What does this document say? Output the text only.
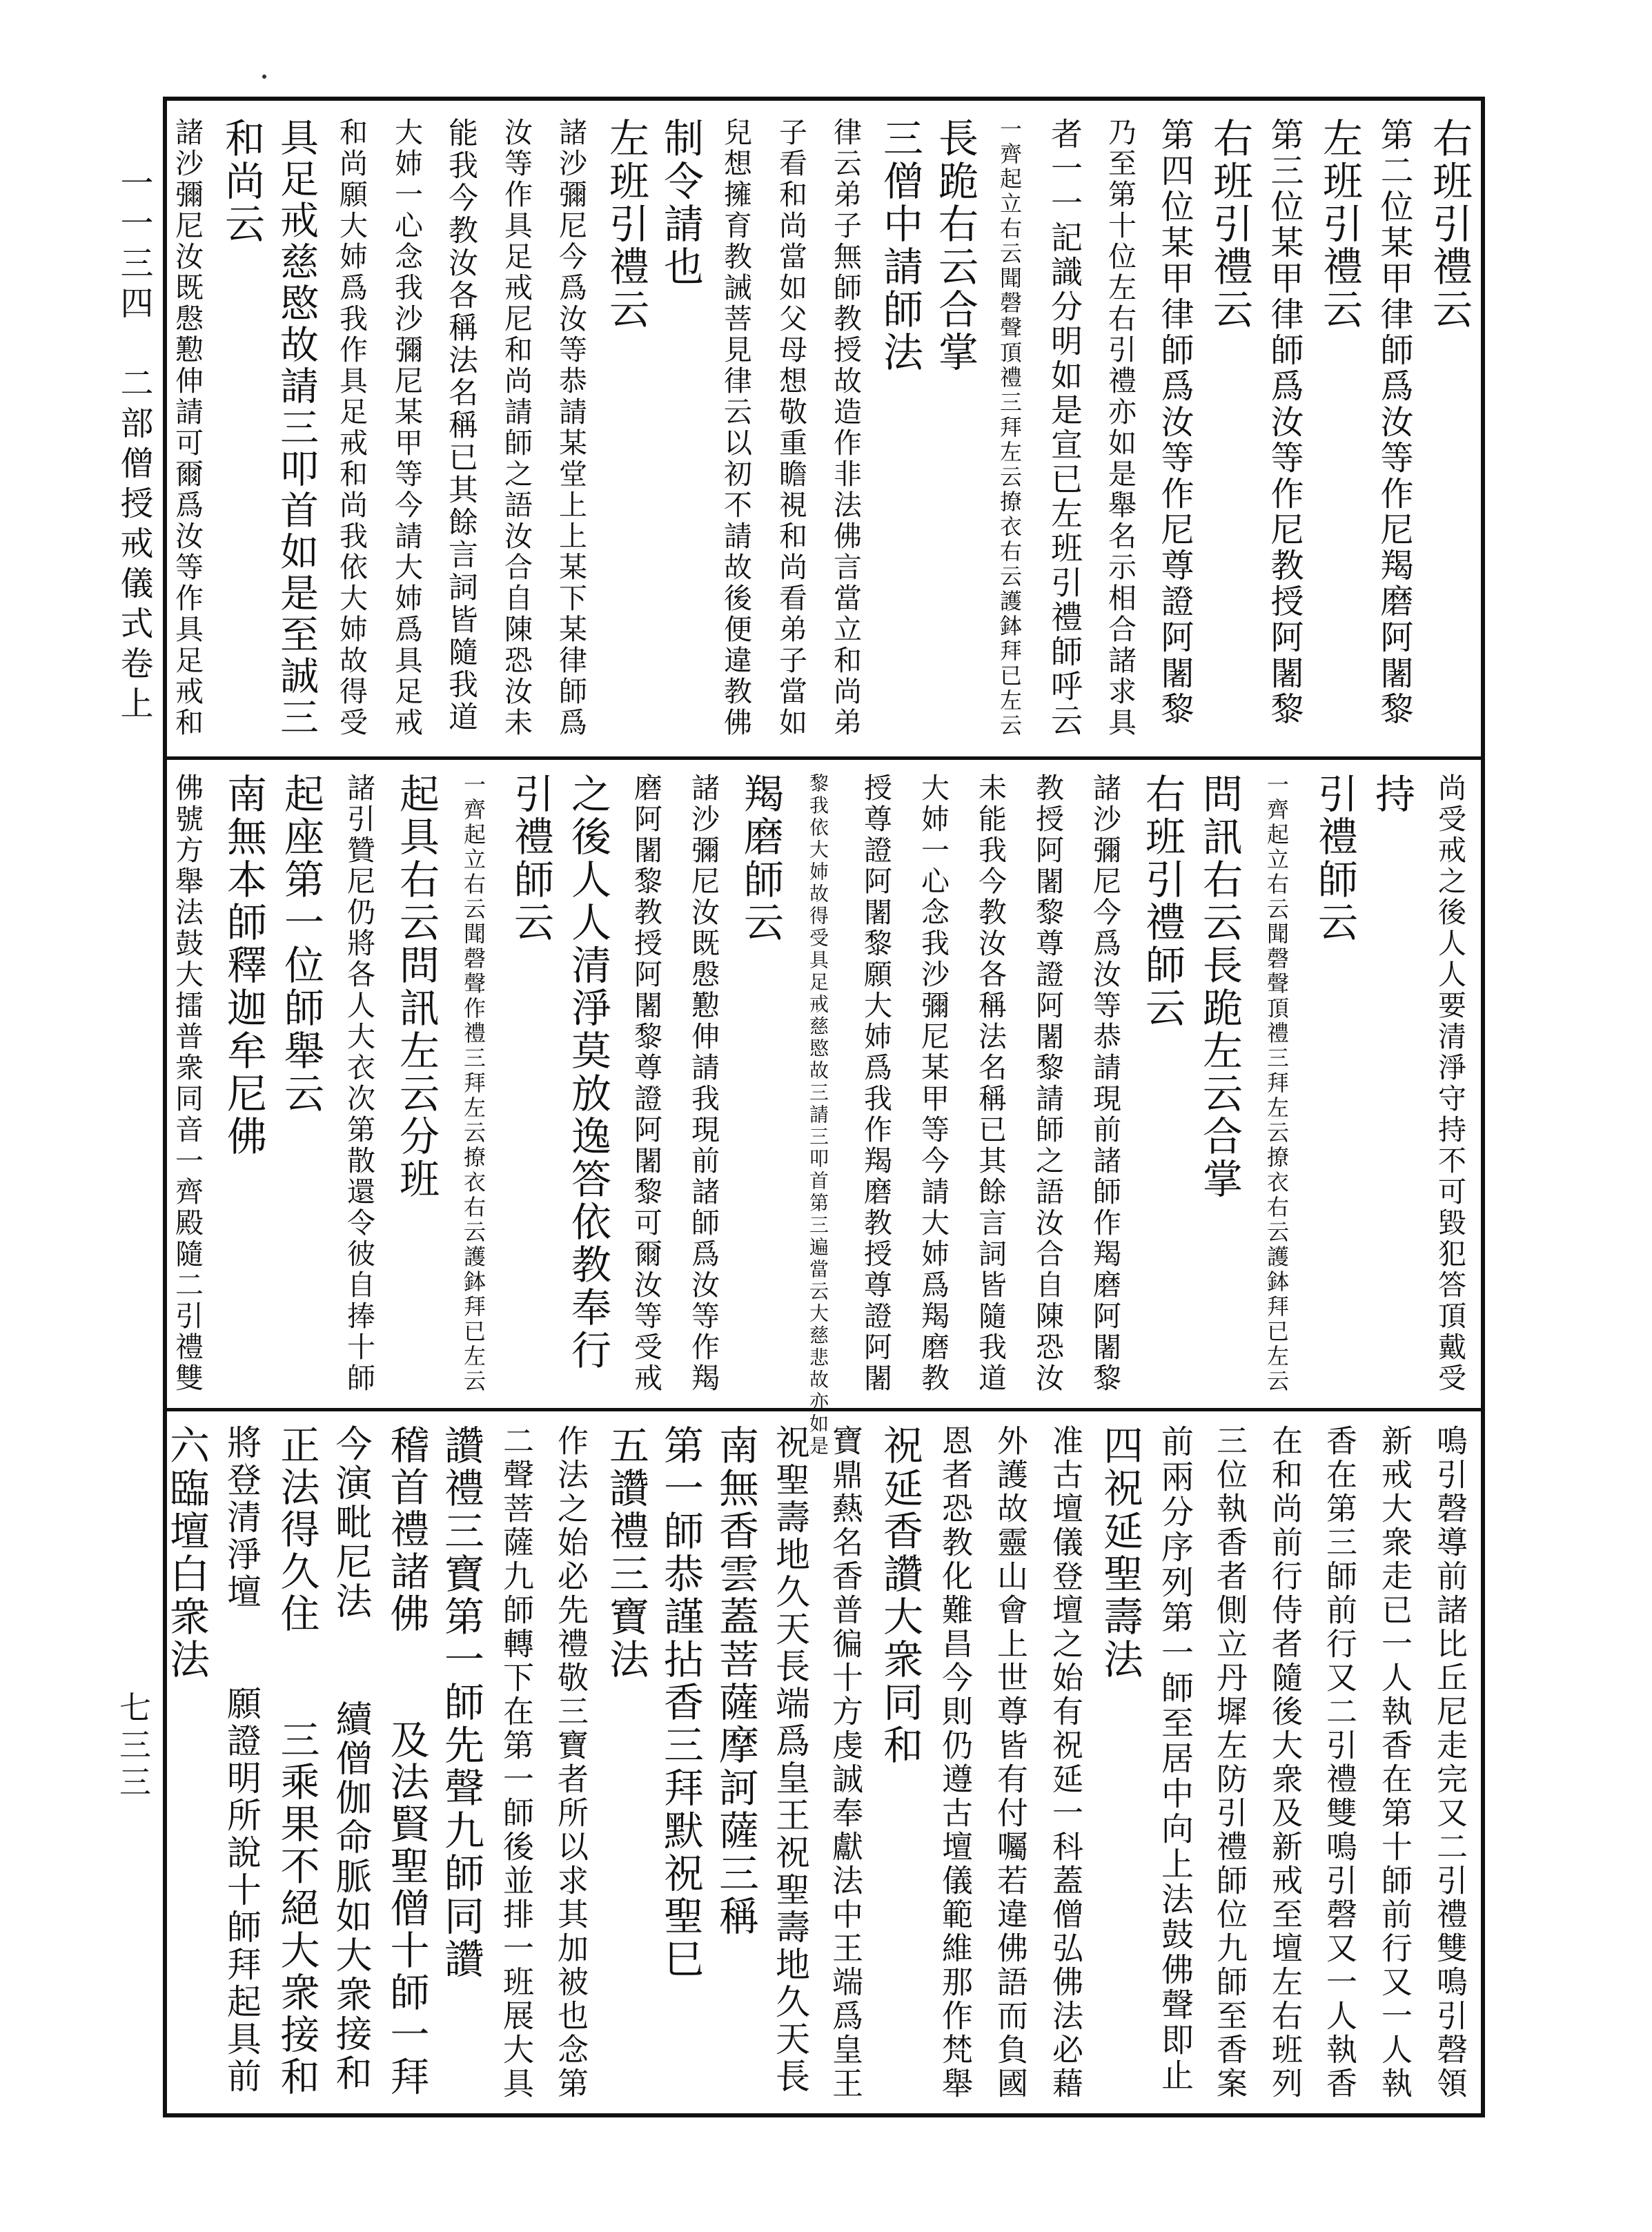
一一三四　二部僧授戒儀式卷上
七三三
右班引禮云
第二位某甲律師爲汝等作尼羯磨阿闍黎
左班引禮云
第三位某甲律師爲汝等作尼教授阿闍黎
右班引禮云
第四位某甲律師爲汝等作尼尊證阿闍黎
乃至第十位左右引禮亦如是舉名示相合諸求具
者一一記識分明如是宣已左班引禮師呼云
一齊起立右云聞磬聲頂禮三拜左云撩衣右云護鉢拜已左云
長跪右云合掌
三僧中請師法
律云弟子無師教授故造作非法佛言當立和尚弟
子看和尚當如父母想敬重瞻視和尚看弟子當如
兒想擁育教誡菩見律云以初不請故後便違教佛
制令請也
左班引禮云
諸沙彌尼今爲汝等恭請某堂上上某下某律師爲
汝等作具足戒尼和尚請師之語汝合自陳恐汝未
能我今教汝各稱法名稱已其餘言詞皆隨我道
大姉一心念我沙彌尼某甲等今請大姉爲具足戒
和尚願大姉爲我作具足戒和尚我依大姉故得受
具足戒慈愍故請三叩首如是至誠三
和尚云
諸沙彌尼汝既慇懃伸請可爾爲汝等作具足戒和
尚受戒之後人人要清淨守持不可毀犯答頂戴受
持
引禮師云
一齊起立右云聞磬聲頂禮三拜左云撩衣右云護鉢拜已左云
問訊右云長跪左云合掌
右班引禮師云
諸沙彌尼今爲汝等恭請現前諸師作羯磨阿闍黎
教授阿闍黎尊證阿闍黎請師之語汝合自陳恐汝
未能我今教汝各稱法名稱已其餘言詞皆隨我道
大姉一心念我沙彌尼某甲等今請大姉爲羯磨教
授尊證阿闍黎願大姉爲我作羯磨教授尊證阿闍
黎我依大姉故得受具足戒慈愍故三請三叩首第三遍當云大慈悲故亦如是
羯磨師云
諸沙彌尼汝既慇懃伸請我現前諸師爲汝等作羯
磨阿闍黎教授阿闍黎尊證阿闍黎可爾汝等受戒
之後人人清淨莫放逸答依教奉行
引禮師云
一齊起立右云聞磬聲作禮三拜左云撩衣右云護鉢拜已左云
起具右云問訊左云分班
諸引贊尼仍將各人大衣次第散還令彼自捧十師
起座第一位師舉云
南無本師釋迦牟尼佛
佛號方舉法鼓大擂普衆同音一齊殿隨二引禮雙
鳴引磬導前諸比丘尼走完又二引禮雙鳴引磬領
新戒大衆走已一人執香在第十師前行又一人執
香在第三師前行又二引禮雙鳴引磬又一人執香
在和尚前行侍者隨後大衆及新戒至壇左右班列
三位執香者側立丹墀左防引禮師位九師至香案
前兩分序列第一師至居中向上法鼓佛聲即止
四祝延聖壽法
准古壇儀登壇之始有祝延一科蓋僧弘佛法必藉
外護故靈山會上世尊皆有付囑若違佛語而負國
恩者恐教化難昌今則仍遵古壇儀範維那作梵舉
祝延香讚大衆同和
寶鼎爇名香普徧十方虔誠奉獻法中王端爲皇王
祝聖壽地久天長端爲皇王祝聖壽地久天長
南無香雲蓋菩薩摩訶薩三稱
第一師恭謹拈香三拜默祝聖巳
五讚禮三寶法
作法之始必先禮敬三寶者所以求其加被也念第
二聲菩薩九師轉下在第一師後並排一班展大具
讚禮三寶第一師先聲九師同讚
稽首禮諸佛　　及法賢聖僧十師一拜
今演毗尼法　　續僧伽命脈如大衆接和
正法得久住　　三乘果不絕大衆接和
將登清淨壇　　願證明所說十師拜起具前
六臨壇白衆法
